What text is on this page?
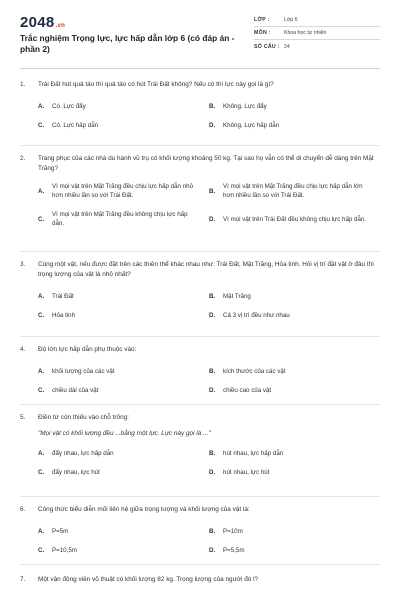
2048.vn
Trắc nghiệm Trọng lực, lực hấp dẫn lớp 6 (có đáp án - phần 2)
LỚP :	Lớp 6
MÔN :	Khoa học tự nhiên
SỐ CÂU : 24
1.	Trái Đất hút quả táo thì quả táo có hút Trái Đất không? Nếu có thì lực này gọi là gì?
A.	Có. Lực đẩy	B.	Không. Lực đẩy
C.	Có. Lực hấp dẫn	D.	Không. Lực hấp dẫn
2.	Trang phục của các nhà du hành vũ trụ có khối lượng khoảng 50 kg. Tại sao họ vẫn có thể di chuyển dễ dàng trên Mặt Trăng?
A.
Vì mọi vật trên Mặt Trăng đều chịu lực hấp dẫn nhỏ hơn nhiều lần so với Trái Đất.
B.
Vì mọi vật trên Mặt Trăng đều chịu lực hấp dẫn lớn hơn nhiều lần so với Trái Đất.
C.
Vì mọi vật trên Mặt Trăng đều không chịu lực hấp dẫn.
D.	Vì mọi vật trên Trái Đất đều không chịu lực hấp dẫn.
3.	Cùng một vật, nếu được đặt trên các thiên thể khác nhau như: Trái Đất, Mặt Trăng, Hỏa tinh. Hỏi vị trí đặt vật ở đâu thì trọng lượng của vật là nhỏ nhất?
A.	Trái Đất	B.	Mặt Trăng
C.	Hỏa tinh	D.	Cả 3 vị trí đều như nhau
4.	Độ lớn lực hấp dẫn phụ thuộc vào:
A.	khối lượng của các vật	B.	kích thước của các vật
C.	chiều dài của vật	D.	chiều cao của vật
5.	Điền từ còn thiếu vào chỗ trống:
"Mọi vật có khối lượng đều ...bằng một lực. Lực này gọi là ..."
A.	đẩy nhau, lực hấp dẫn	B.	hút nhau, lực hấp dẫn
C.	đẩy nhau, lực hút	D.	hút nhau, lực hút
6.	Công thức biểu diễn mối liên hệ giữa trọng lượng và khối lượng của vật là:
A.	P=5m	B.	P=10m
C.	P=10,5m	D.	P=5,5m
7.	Một vận động viên võ thuật có khối lượng 82 kg. Trọng lượng của người đó l?
